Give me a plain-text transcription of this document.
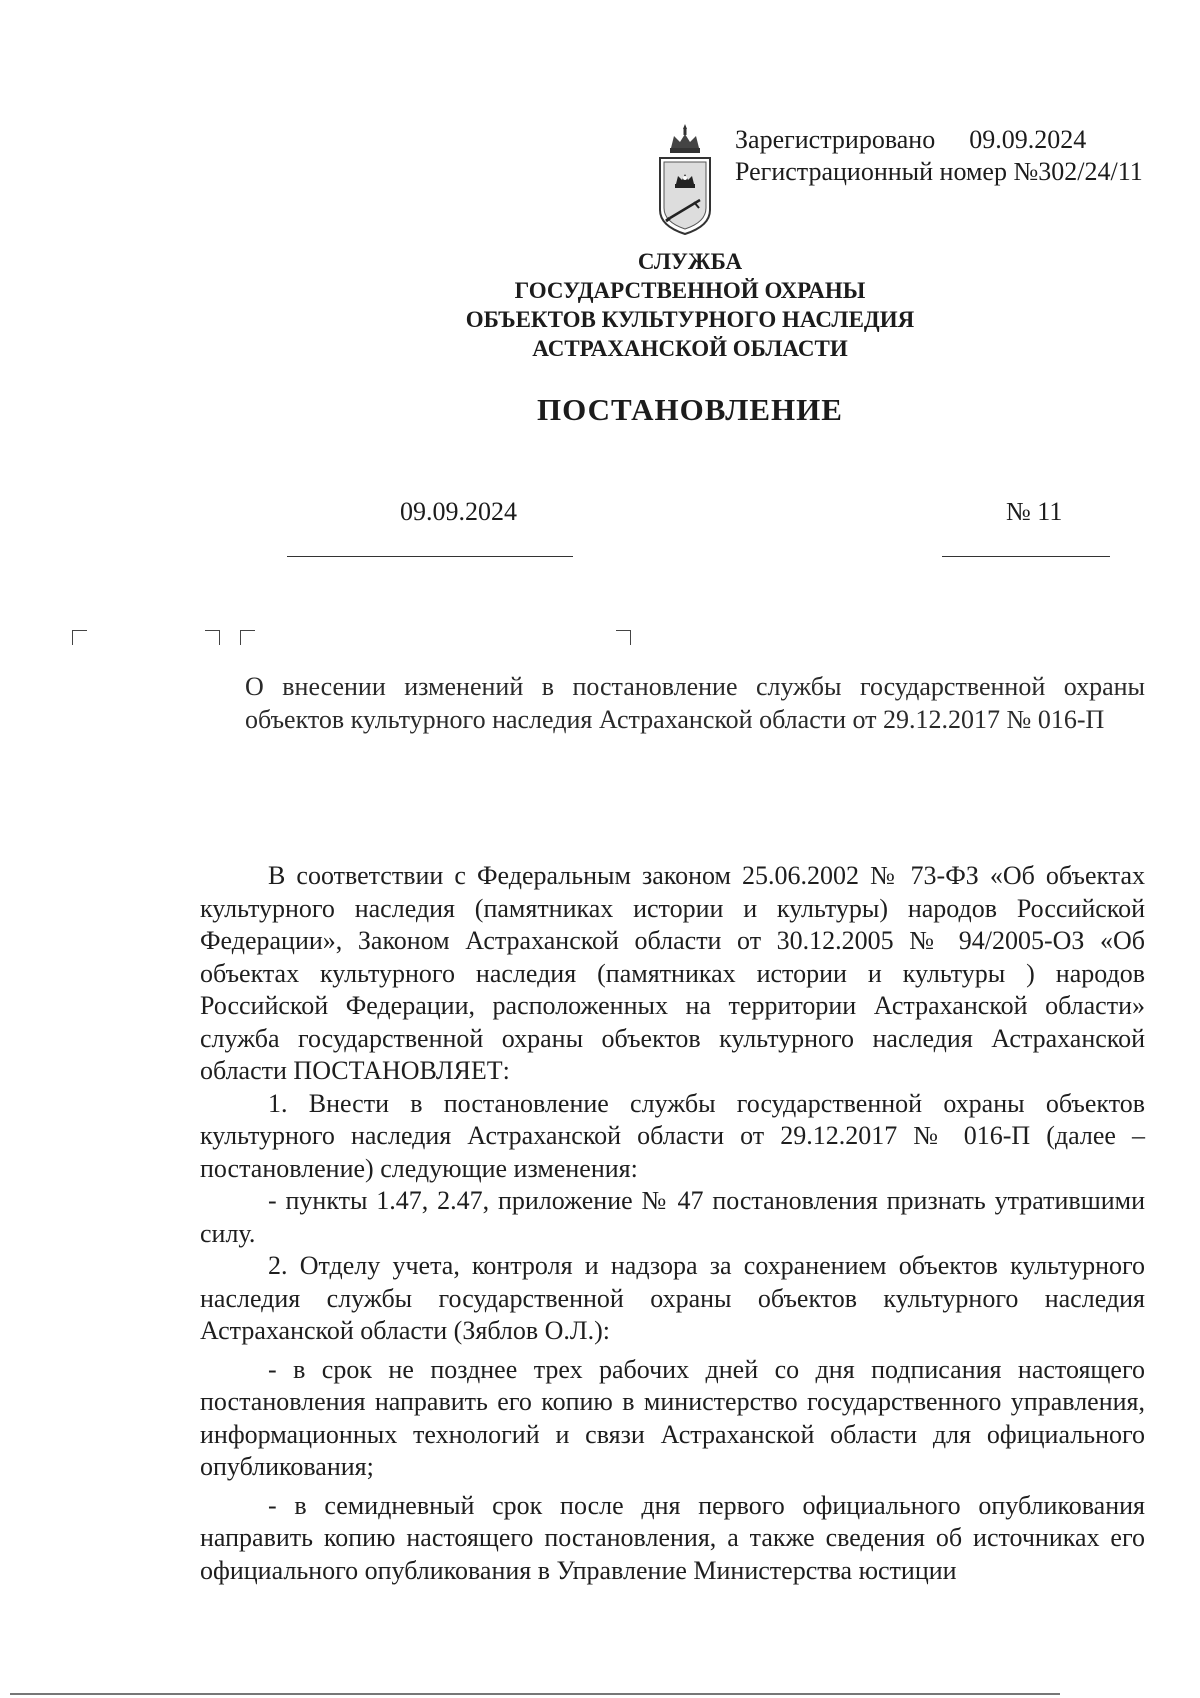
Зарегистрировано 09.09.2024
Регистрационный номер №302/24/11
СЛУЖБА
ГОСУДАРСТВЕННОЙ ОХРАНЫ
ОБЪЕКТОВ КУЛЬТУРНОГО НАСЛЕДИЯ
АСТРАХАНСКОЙ ОБЛАСТИ
ПОСТАНОВЛЕНИЕ
09.09.2024	№ 11
О внесении изменений в постановление службы государственной охраны объектов культурного наследия Астраханской области от 29.12.2017 № 016-П

В соответствии с Федеральным законом 25.06.2002 № 73-ФЗ «Об объектах культурного наследия (памятниках истории и культуры) народов Российской Федерации», Законом Астраханской области от 30.12.2005 № 94/2005-ОЗ «Об объектах культурного наследия (памятниках истории и культуры ) народов Российской Федерации, расположенных на территории Астраханской области» служба государственной охраны объектов культурного наследия Астраханской области ПОСТАНОВЛЯЕТ:

1. Внести в постановление службы государственной охраны объектов культурного наследия Астраханской области от 29.12.2017 № 016-П (далее – постановление) следующие изменения:

- пункты 1.47, 2.47, приложение № 47 постановления признать утратившими силу.

2. Отделу учета, контроля и надзора за сохранением объектов культурного наследия службы государственной охраны объектов культурного наследия Астраханской области (Зяблов О.Л.):

- в срок не позднее трех рабочих дней со дня подписания настоящего постановления направить его копию в министерство государственного управления, информационных технологий и связи Астраханской области для официального опубликования;

- в семидневный срок после дня первого официального опубликования направить копию настоящего постановления, а также сведения об источниках его официального опубликования в Управление Министерства юстиции
